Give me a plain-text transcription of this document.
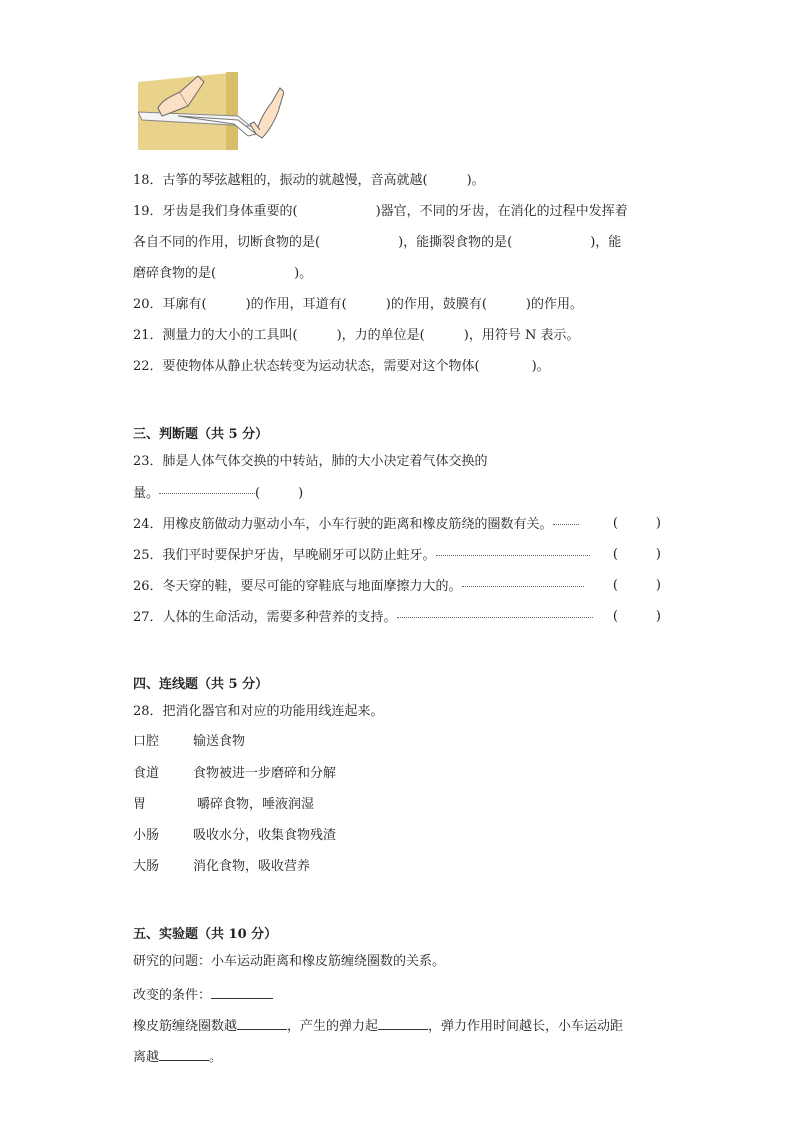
18．古筝的琴弦越粗的，振动的就越慢，音高就越(　　　)。
19．牙齿是我们身体重要的(　　　　　　)器官，不同的牙齿，在消化的过程中发挥着
各自不同的作用，切断食物的是(　　　　　　)，能撕裂食物的是(　　　　　　)，能
磨碎食物的是(　　　　　　)。
20．耳廓有(　　　)的作用，耳道有(　　　)的作用，鼓膜有(　　　)的作用。
21．测量力的大小的工具叫(　　　)，力的单位是(　　　)，用符号 N 表示。
22．要使物体从静止状态转变为运动状态，需要对这个物体(　　　　)。
三、判断题（共 5 分）
23．肺是人体气体交换的中转站，肺的大小决定着气体交换的
量。	(	)
24．用橡皮筋做动力驱动小车，小车行驶的距离和橡皮筋绕的圈数有关。	(	)
25．我们平时要保护牙齿，早晚刷牙可以防止蛀牙。	(	)
26．冬天穿的鞋，要尽可能的穿鞋底与地面摩擦力大的。	(	)
27．人体的生命活动，需要多种营养的支持。	(	)
四、连线题（共 5 分）
28．把消化器官和对应的功能用线连起来。
口腔	输送食物
食道	食物被进一步磨碎和分解
胃	嚼碎食物，唾液润湿
小肠	吸收水分，收集食物残渣
大肠	消化食物，吸收营养
五、实验题（共 10 分）
研究的问题：小车运动距离和橡皮筋缠绕圈数的关系。
改变的条件：
橡皮筋缠绕圈数越	，产生的弹力起	，弹力作用时间越长，小车运动距
离越	。
